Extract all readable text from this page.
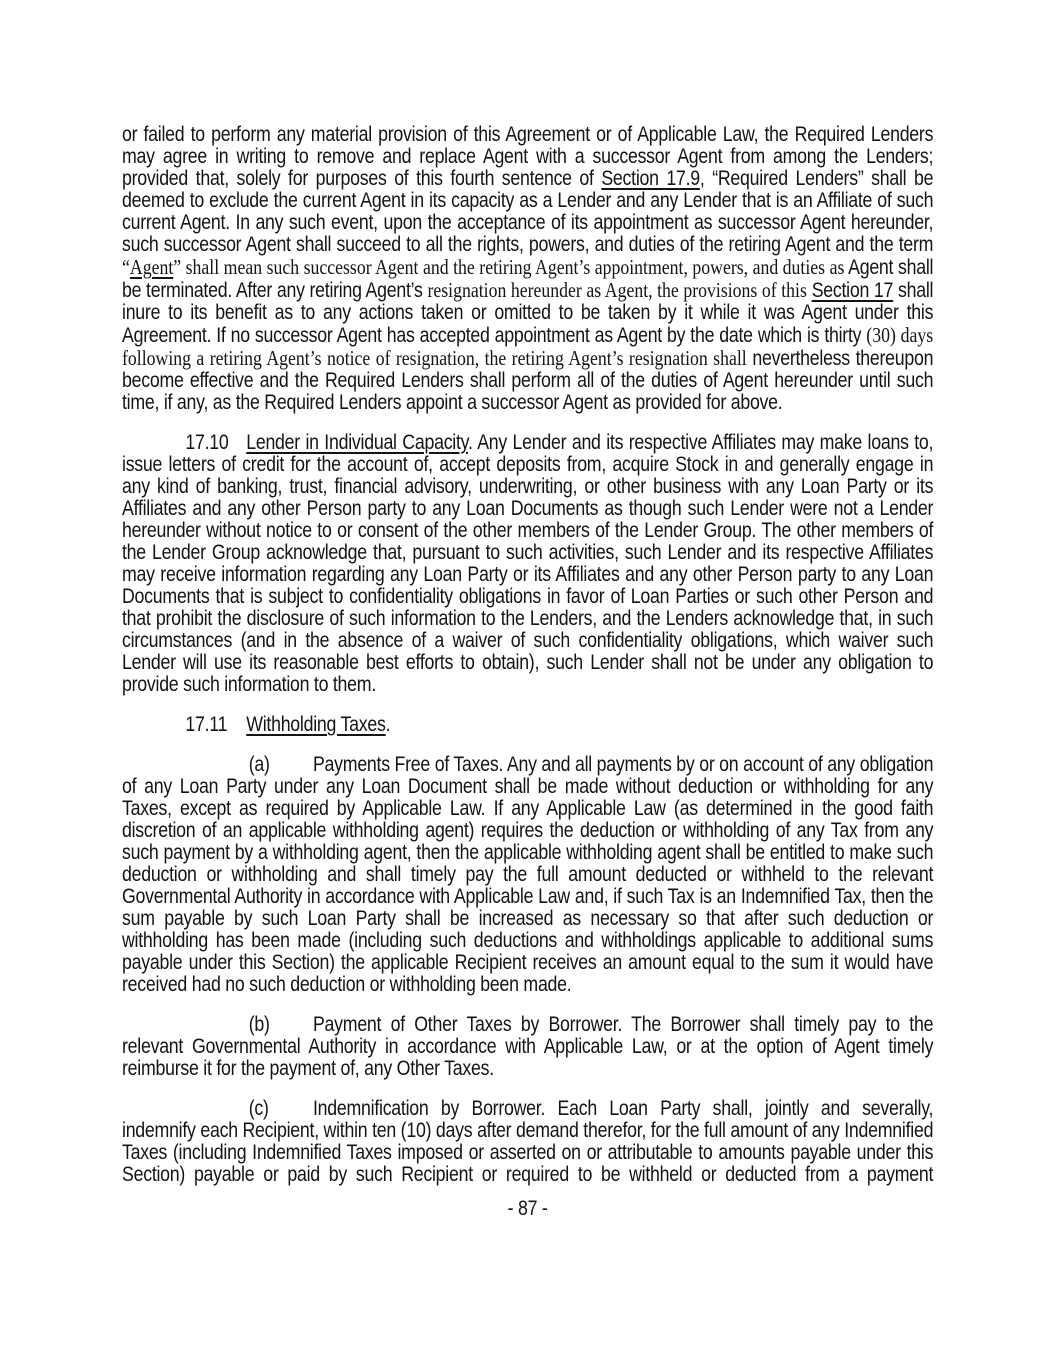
or failed to perform any material provision of this Agreement or of Applicable Law, the Required Lenders may agree in writing to remove and replace Agent with a successor Agent from among the Lenders; provided that, solely for purposes of this fourth sentence of Section 17.9, “Required Lenders” shall be deemed to exclude the current Agent in its capacity as a Lender and any Lender that is an Affiliate of such current Agent. In any such event, upon the acceptance of its appointment as successor Agent hereunder, such successor Agent shall succeed to all the rights, powers, and duties of the retiring Agent and the term “Agent” shall mean such successor Agent and the retiring Agent’s appointment, powers, and duties as Agent shall be terminated. After any retiring Agent’s resignation hereunder as Agent, the provisions of this Section 17 shall inure to its benefit as to any actions taken or omitted to be taken by it while it was Agent under this Agreement. If no successor Agent has accepted appointment as Agent by the date which is thirty (30) days following a retiring Agent’s notice of resignation, the retiring Agent’s resignation shall nevertheless thereupon become effective and the Required Lenders shall perform all of the duties of Agent hereunder until such time, if any, as the Required Lenders appoint a successor Agent as provided for above.

17.10 Lender in Individual Capacity. Any Lender and its respective Affiliates may make loans to, issue letters of credit for the account of, accept deposits from, acquire Stock in and generally engage in any kind of banking, trust, financial advisory, underwriting, or other business with any Loan Party or its Affiliates and any other Person party to any Loan Documents as though such Lender were not a Lender hereunder without notice to or consent of the other members of the Lender Group. The other members of the Lender Group acknowledge that, pursuant to such activities, such Lender and its respective Affiliates may receive information regarding any Loan Party or its Affiliates and any other Person party to any Loan Documents that is subject to confidentiality obligations in favor of Loan Parties or such other Person and that prohibit the disclosure of such information to the Lenders, and the Lenders acknowledge that, in such circumstances (and in the absence of a waiver of such confidentiality obligations, which waiver such Lender will use its reasonable best efforts to obtain), such Lender shall not be under any obligation to provide such information to them.

17.11 Withholding Taxes.

(a) Payments Free of Taxes. Any and all payments by or on account of any obligation of any Loan Party under any Loan Document shall be made without deduction or withholding for any Taxes, except as required by Applicable Law. If any Applicable Law (as determined in the good faith discretion of an applicable withholding agent) requires the deduction or withholding of any Tax from any such payment by a withholding agent, then the applicable withholding agent shall be entitled to make such deduction or withholding and shall timely pay the full amount deducted or withheld to the relevant Governmental Authority in accordance with Applicable Law and, if such Tax is an Indemnified Tax, then the sum payable by such Loan Party shall be increased as necessary so that after such deduction or withholding has been made (including such deductions and withholdings applicable to additional sums payable under this Section) the applicable Recipient receives an amount equal to the sum it would have received had no such deduction or withholding been made.

(b) Payment of Other Taxes by Borrower. The Borrower shall timely pay to the relevant Governmental Authority in accordance with Applicable Law, or at the option of Agent timely reimburse it for the payment of, any Other Taxes.

(c) Indemnification by Borrower. Each Loan Party shall, jointly and severally, indemnify each Recipient, within ten (10) days after demand therefor, for the full amount of any Indemnified Taxes (including Indemnified Taxes imposed or asserted on or attributable to amounts payable under this Section) payable or paid by such Recipient or required to be withheld or deducted from a payment

- 87 -
